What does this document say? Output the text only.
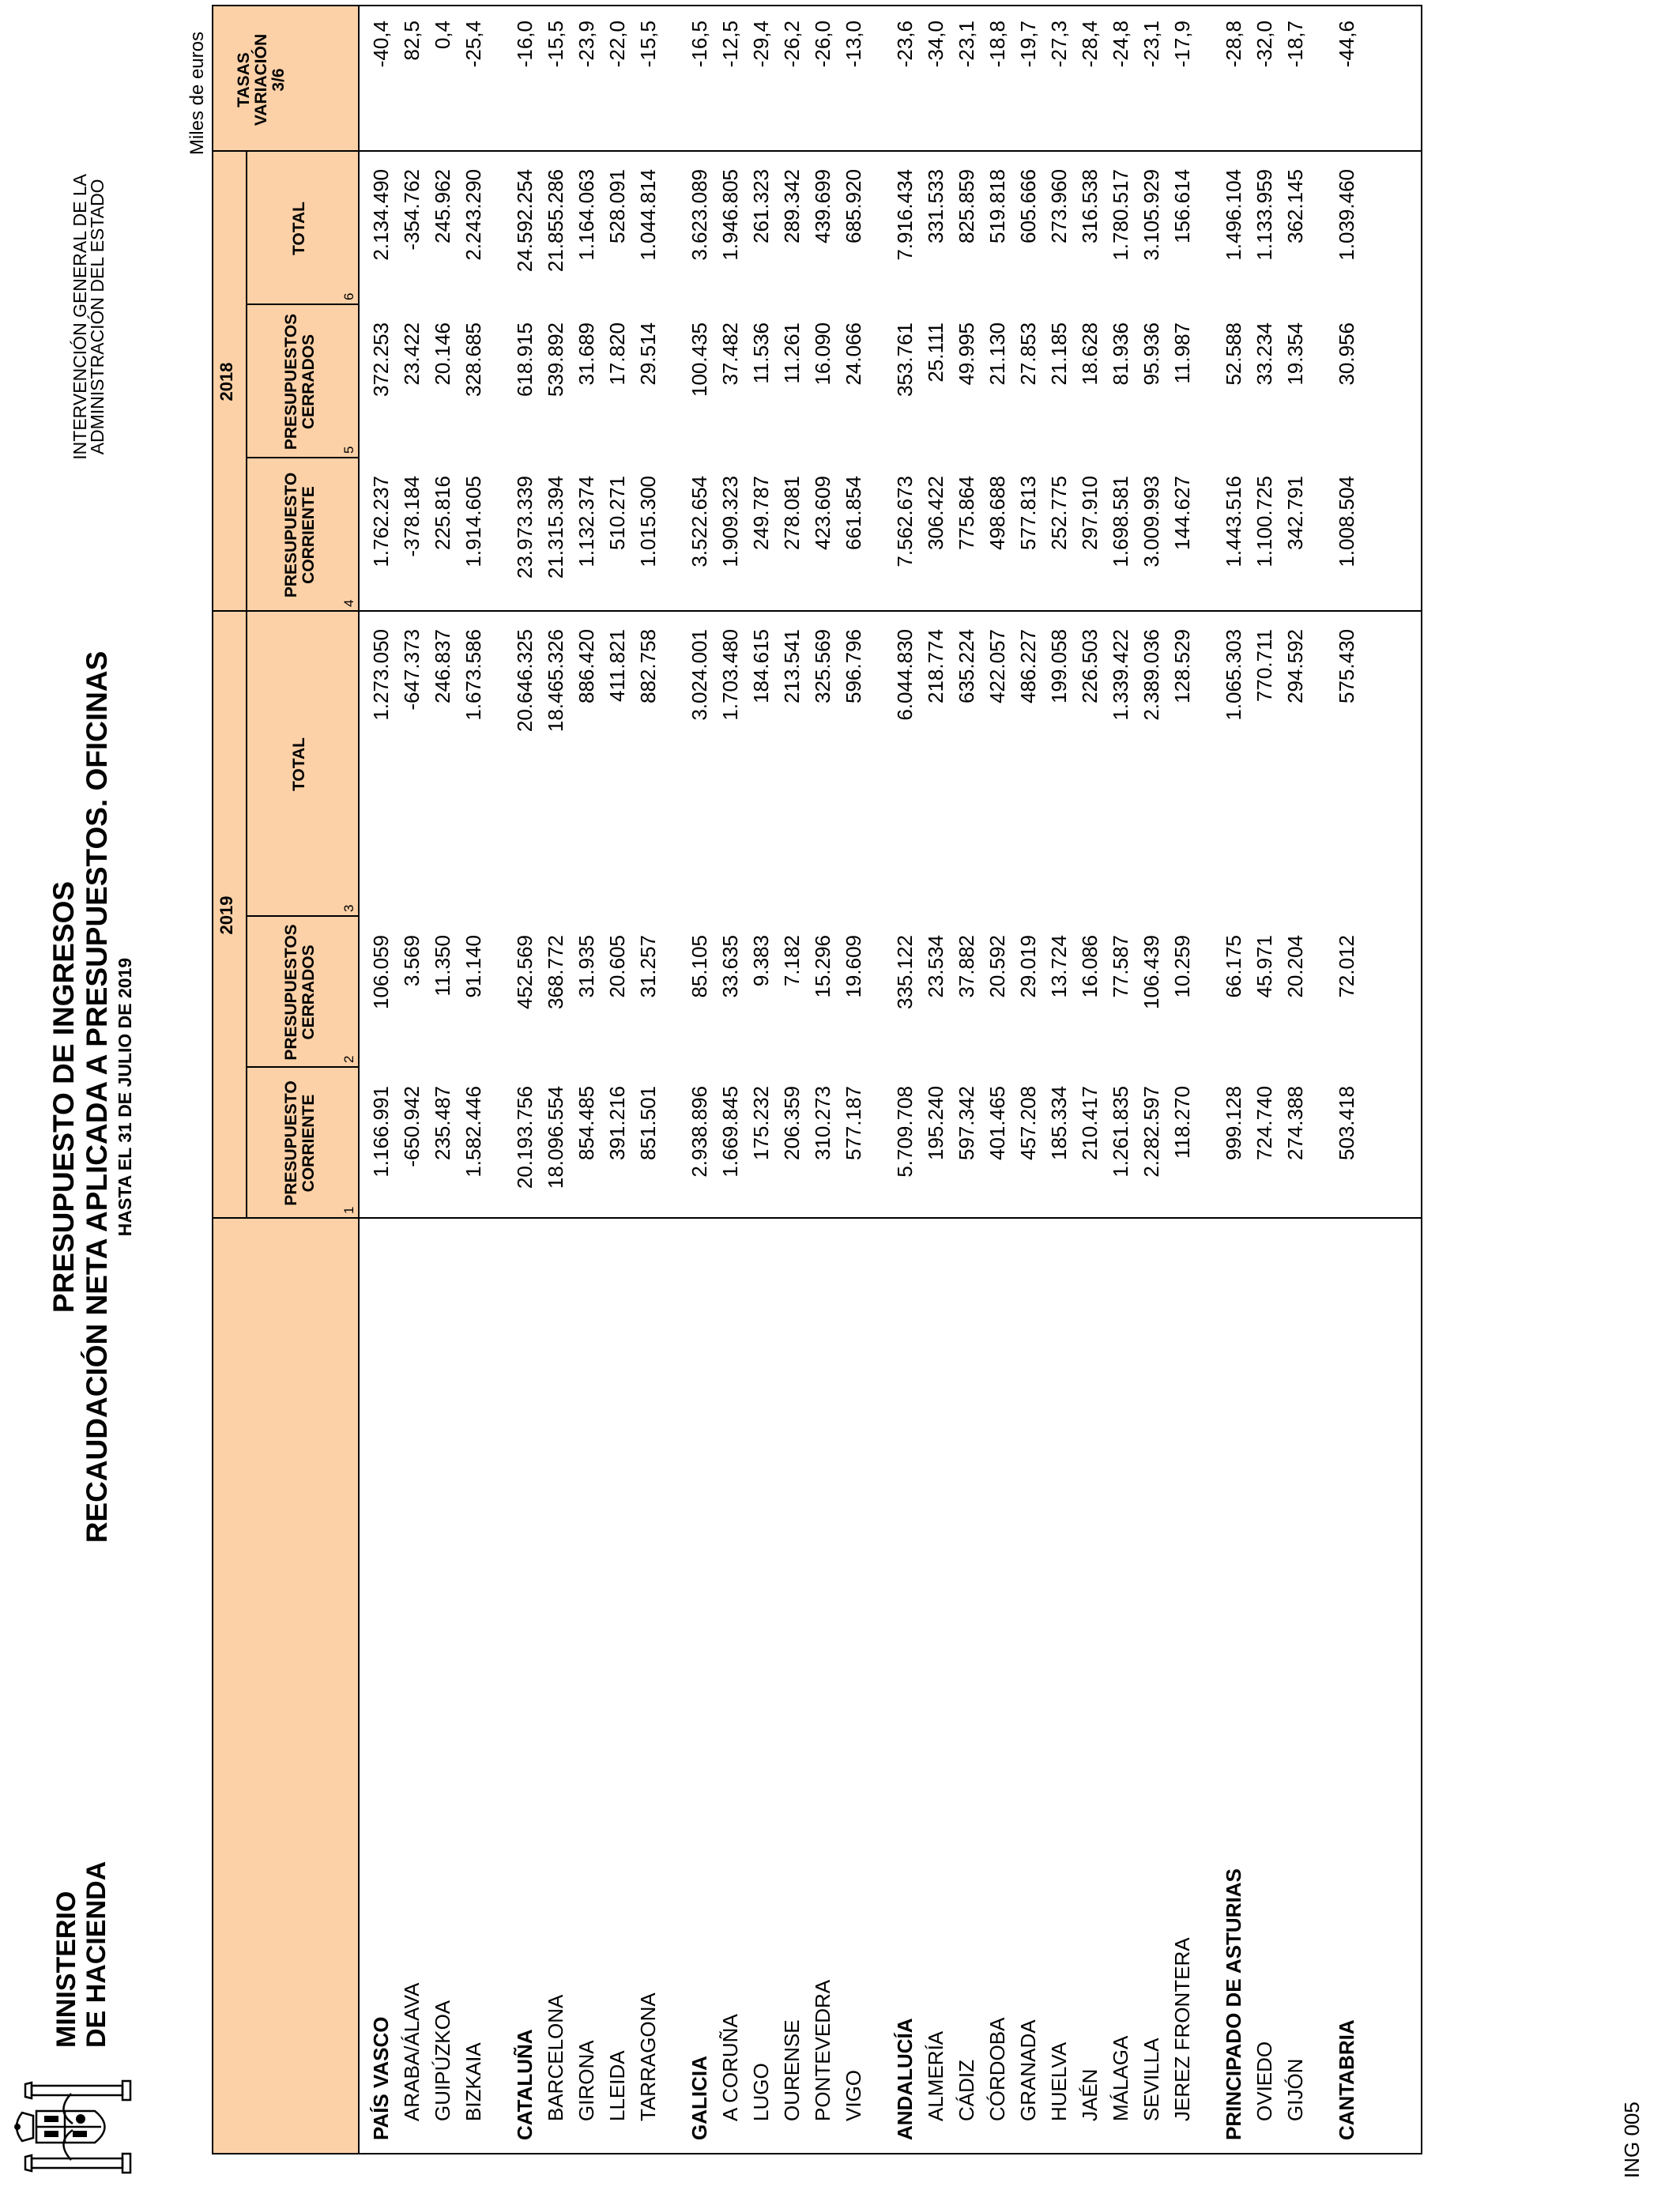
MINISTERIO DE HACIENDA
PRESUPUESTO DE INGRESOS RECAUDACIÓN NETA APLICADA A PRESUPUESTOS. OFICINAS HASTA EL 31 DE JULIO DE 2019
INTERVENCIÓN GENERAL DE LA
ADMINISTRACIÓN DEL ESTADO
Miles de euros
2019
2018
PRESUPUESTO CORRIENTE
1
PRESUPUESTOS CERRADOS
2
TOTAL
3
PRESUPUESTO CORRIENTE
4
PRESUPUESTOS CERRADOS
5
TOTAL
6
TASAS VARIACIÓN 3/6
PAÍS VASCO
1.166.991
106.059
1.273.050
1.762.237
372.253
2.134.490
-40,4
ARABA/ÁLAVA
-650.942
3.569
-647.373
-378.184
23.422
-354.762
82,5
GUIPÚZKOA
235.487
11.350
246.837
225.816
20.146
245.962
0,4
BIZKAIA
1.582.446
91.140
1.673.586
1.914.605
328.685
2.243.290
-25,4
CATALUÑA
20.193.756
452.569
20.646.325
23.973.339
618.915
24.592.254
-16,0
BARCELONA
18.096.554
368.772
18.465.326
21.315.394
539.892
21.855.286
-15,5
GIRONA
854.485
31.935
886.420
1.132.374
31.689
1.164.063
-23,9
LLEIDA
391.216
20.605
411.821
510.271
17.820
528.091
-22,0
TARRAGONA
851.501
31.257
882.758
1.015.300
29.514
1.044.814
-15,5
GALICIA
2.938.896
85.105
3.024.001
3.522.654
100.435
3.623.089
-16,5
A CORUÑA
1.669.845
33.635
1.703.480
1.909.323
37.482
1.946.805
-12,5
LUGO
175.232
9.383
184.615
249.787
11.536
261.323
-29,4
OURENSE
206.359
7.182
213.541
278.081
11.261
289.342
-26,2
PONTEVEDRA
310.273
15.296
325.569
423.609
16.090
439.699
-26,0
VIGO
577.187
19.609
596.796
661.854
24.066
685.920
-13,0
ANDALUCÍA
5.709.708
335.122
6.044.830
7.562.673
353.761
7.916.434
-23,6
ALMERÍA
195.240
23.534
218.774
306.422
25.111
331.533
-34,0
CÁDIZ
597.342
37.882
635.224
775.864
49.995
825.859
-23,1
CÓRDOBA
401.465
20.592
422.057
498.688
21.130
519.818
-18,8
GRANADA
457.208
29.019
486.227
577.813
27.853
605.666
-19,7
HUELVA
185.334
13.724
199.058
252.775
21.185
273.960
-27,3
JAÉN
210.417
16.086
226.503
297.910
18.628
316.538
-28,4
MÁLAGA
1.261.835
77.587
1.339.422
1.698.581
81.936
1.780.517
-24,8
SEVILLA
2.282.597
106.439
2.389.036
3.009.993
95.936
3.105.929
-23,1
JEREZ FRONTERA
118.270
10.259
128.529
144.627
11.987
156.614
-17,9
PRINCIPADO DE ASTURIAS
999.128
66.175
1.065.303
1.443.516
52.588
1.496.104
-28,8
OVIEDO
724.740
45.971
770.711
1.100.725
33.234
1.133.959
-32,0
GIJÓN
274.388
20.204
294.592
342.791
19.354
362.145
-18,7
CANTABRIA
503.418
72.012
575.430
1.008.504
30.956
1.039.460
-44,6
ING 005
